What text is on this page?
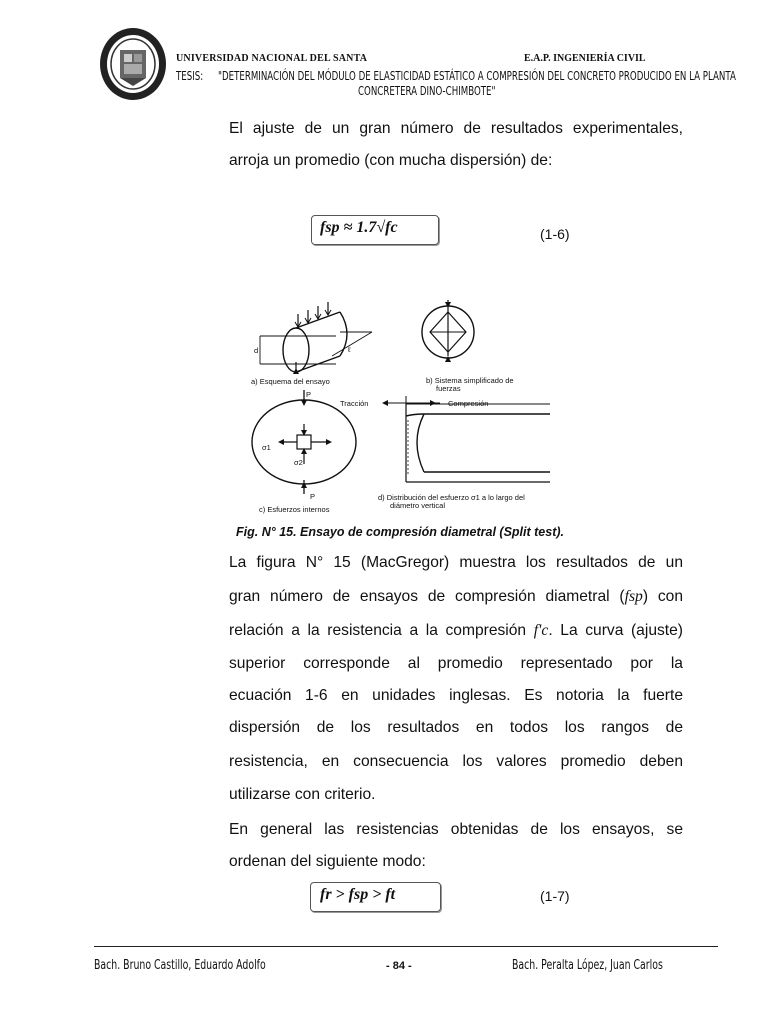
UNIVERSIDAD NACIONAL DEL SANTA	E.A.P. INGENIERÍA CIVIL
TESIS: "DETERMINACIÓN DEL MÓDULO DE ELASTICIDAD ESTÁTICO A COMPRESIÓN DEL CONCRETO PRODUCIDO EN LA PLANTA
CONCRETERA DINO-CHIMBOTE"
El ajuste de un gran número de resultados experimentales,
arroja un promedio (con mucha dispersión) de:
fsp ≈ 1.7√fc	(1-6)
a) Esquema del ensayo	b) Sistema simplificado de
fuerzas
Tracción	Compresión
P
P
d	ℓ
σ1
σ2
c) Esfuerzos internos
d) Distribución del esfuerzo σ1 a lo largo del
diámetro vertical
Fig. N° 15. Ensayo de compresión diametral (Split test).
La figura N° 15 (MacGregor) muestra los resultados de un
gran número de ensayos de compresión diametral (fsp) con
relación a la resistencia a la compresión f'c. La curva (ajuste)
superior corresponde al promedio representado por la
ecuación 1-6 en unidades inglesas. Es notoria la fuerte
dispersión de los resultados en todos los rangos de
resistencia, en consecuencia los valores promedio deben
utilizarse con criterio.
En general las resistencias obtenidas de los ensayos, se
ordenan del siguiente modo:
fr > fsp > ft	(1-7)
Bach. Bruno Castillo, Eduardo Adolfo	- 84 -	Bach. Peralta López, Juan Carlos
